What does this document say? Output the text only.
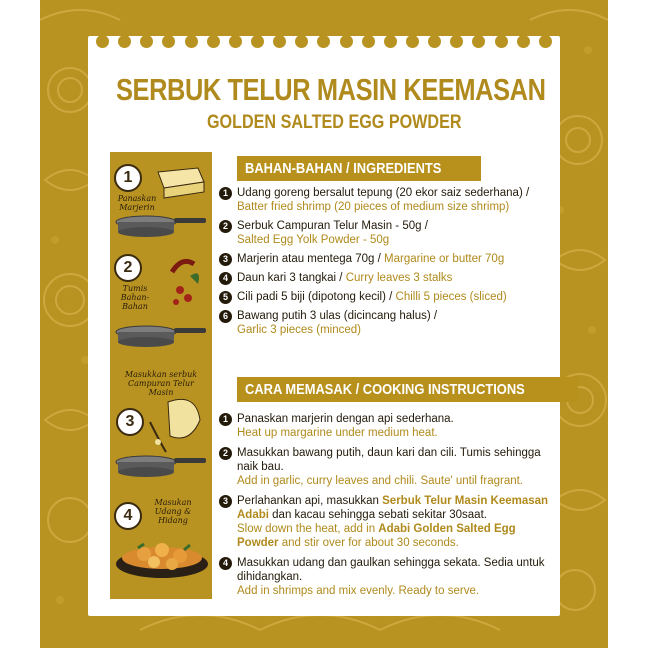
SERBUK TELUR MASIN KEEMASAN
GOLDEN SALTED EGG POWDER
1
Panaskan Marjerin
2
Tumis Bahan-Bahan
Masukkan serbuk Campuran Telur Masin
3
4
Masukan Udang & Hidang
BAHAN-BAHAN / INGREDIENTS
1 Udang goreng bersalut tepung (20 ekor saiz sederhana) /
Batter fried shrimp (20 pieces of medium size shrimp)
2 Serbuk Campuran Telur Masin - 50g /
Salted Egg Yolk Powder - 50g
3 Marjerin atau mentega 70g / Margarine or butter 70g
4 Daun kari 3 tangkai / Curry leaves 3 stalks
5 Cili padi 5 biji (dipotong kecil) / Chilli 5 pieces (sliced)
6 Bawang putih 3 ulas (dicincang halus) /
Garlic 3 pieces (minced)
CARA MEMASAK / COOKING INSTRUCTIONS
1 Panaskan marjerin dengan api sederhana.
Heat up margarine under medium heat.
2 Masukkan bawang putih, daun kari dan cili. Tumis sehingga naik bau.
Add in garlic, curry leaves and chili. Saute' until fragrant.
3 Perlahankan api, masukkan Serbuk Telur Masin Keemasan Adabi dan kacau sehingga sebati sekitar 30saat.
Slow down the heat, add in Adabi Golden Salted Egg Powder and stir over for about 30 seconds.
4 Masukkan udang dan gaulkan sehingga sekata. Sedia untuk dihidangkan.
Add in shrimps and mix evenly. Ready to serve.
